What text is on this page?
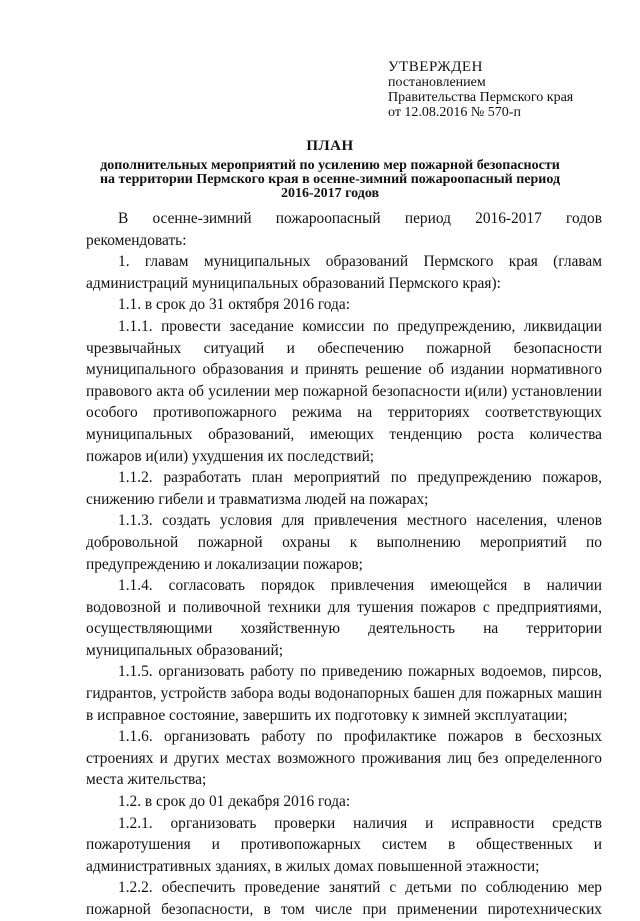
УТВЕРЖДЕН
постановлением
Правительства Пермского края
от 12.08.2016 № 570-п
ПЛАН
дополнительных мероприятий по усилению мер пожарной безопасности
на территории Пермского края в осенне-зимний пожароопасный период
2016-2017 годов

В осенне-зимний пожароопасный период 2016-2017 годов рекомендовать:

1. главам муниципальных образований Пермского края (главам администраций муниципальных образований Пермского края):

1.1. в срок до 31 октября 2016 года:

1.1.1. провести заседание комиссии по предупреждению, ликвидации чрезвычайных ситуаций и обеспечению пожарной безопасности муниципального образования и принять решение об издании нормативного правового акта об усилении мер пожарной безопасности и(или) установлении особого противопожарного режима на территориях соответствующих муниципальных образований, имеющих тенденцию роста количества пожаров и(или) ухудшения их последствий;

1.1.2. разработать план мероприятий по предупреждению пожаров, снижению гибели и травматизма людей на пожарах;

1.1.3. создать условия для привлечения местного населения, членов добровольной пожарной охраны к выполнению мероприятий по предупреждению и локализации пожаров;

1.1.4. согласовать порядок привлечения имеющейся в наличии водовозной и поливочной техники для тушения пожаров с предприятиями, осуществляющими хозяйственную деятельность на территории муниципальных образований;

1.1.5. организовать работу по приведению пожарных водоемов, пирсов, гидрантов, устройств забора воды водонапорных башен для пожарных машин в исправное состояние, завершить их подготовку к зимней эксплуатации;

1.1.6. организовать работу по профилактике пожаров в бесхозных строениях и других местах возможного проживания лиц без определенного места жительства;

1.2. в срок до 01 декабря 2016 года:

1.2.1. организовать проверки наличия и исправности средств пожаротушения и противопожарных систем в общественных и административных зданиях, в жилых домах повышенной этажности;

1.2.2. обеспечить проведение занятий с детьми по соблюдению мер пожарной безопасности, в том числе при применении пиротехнических
